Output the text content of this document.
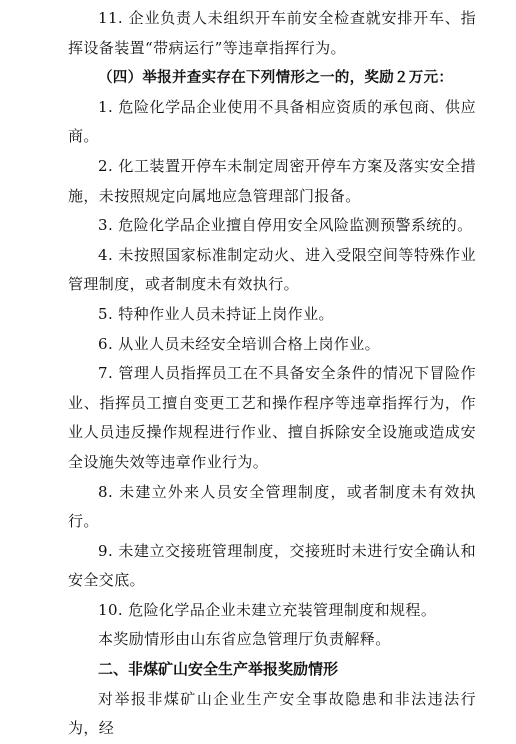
11. 企业负责人未组织开车前安全检查就安排开车、指挥设备装置“带病运行”等违章指挥行为。

（四）举报并查实存在下列情形之一的，奖励２万元：

1. 危险化学品企业使用不具备相应资质的承包商、供应商。

2. 化工装置开停车未制定周密开停车方案及落实安全措施，未按照规定向属地应急管理部门报备。

3. 危险化学品企业擅自停用安全风险监测预警系统的。

4. 未按照国家标准制定动火、进入受限空间等特殊作业管理制度，或者制度未有效执行。

5. 特种作业人员未持证上岗作业。

6. 从业人员未经安全培训合格上岗作业。

7. 管理人员指挥员工在不具备安全条件的情况下冒险作业、指挥员工擅自变更工艺和操作程序等违章指挥行为，作业人员违反操作规程进行作业、擅自拆除安全设施或造成安全设施失效等违章作业行为。

8. 未建立外来人员安全管理制度，或者制度未有效执行。

9. 未建立交接班管理制度，交接班时未进行安全确认和安全交底。

10. 危险化学品企业未建立充装管理制度和规程。

本奖励情形由山东省应急管理厅负责解释。

二、非煤矿山安全生产举报奖励情形

对举报非煤矿山企业生产安全事故隐患和非法违法行为，经
